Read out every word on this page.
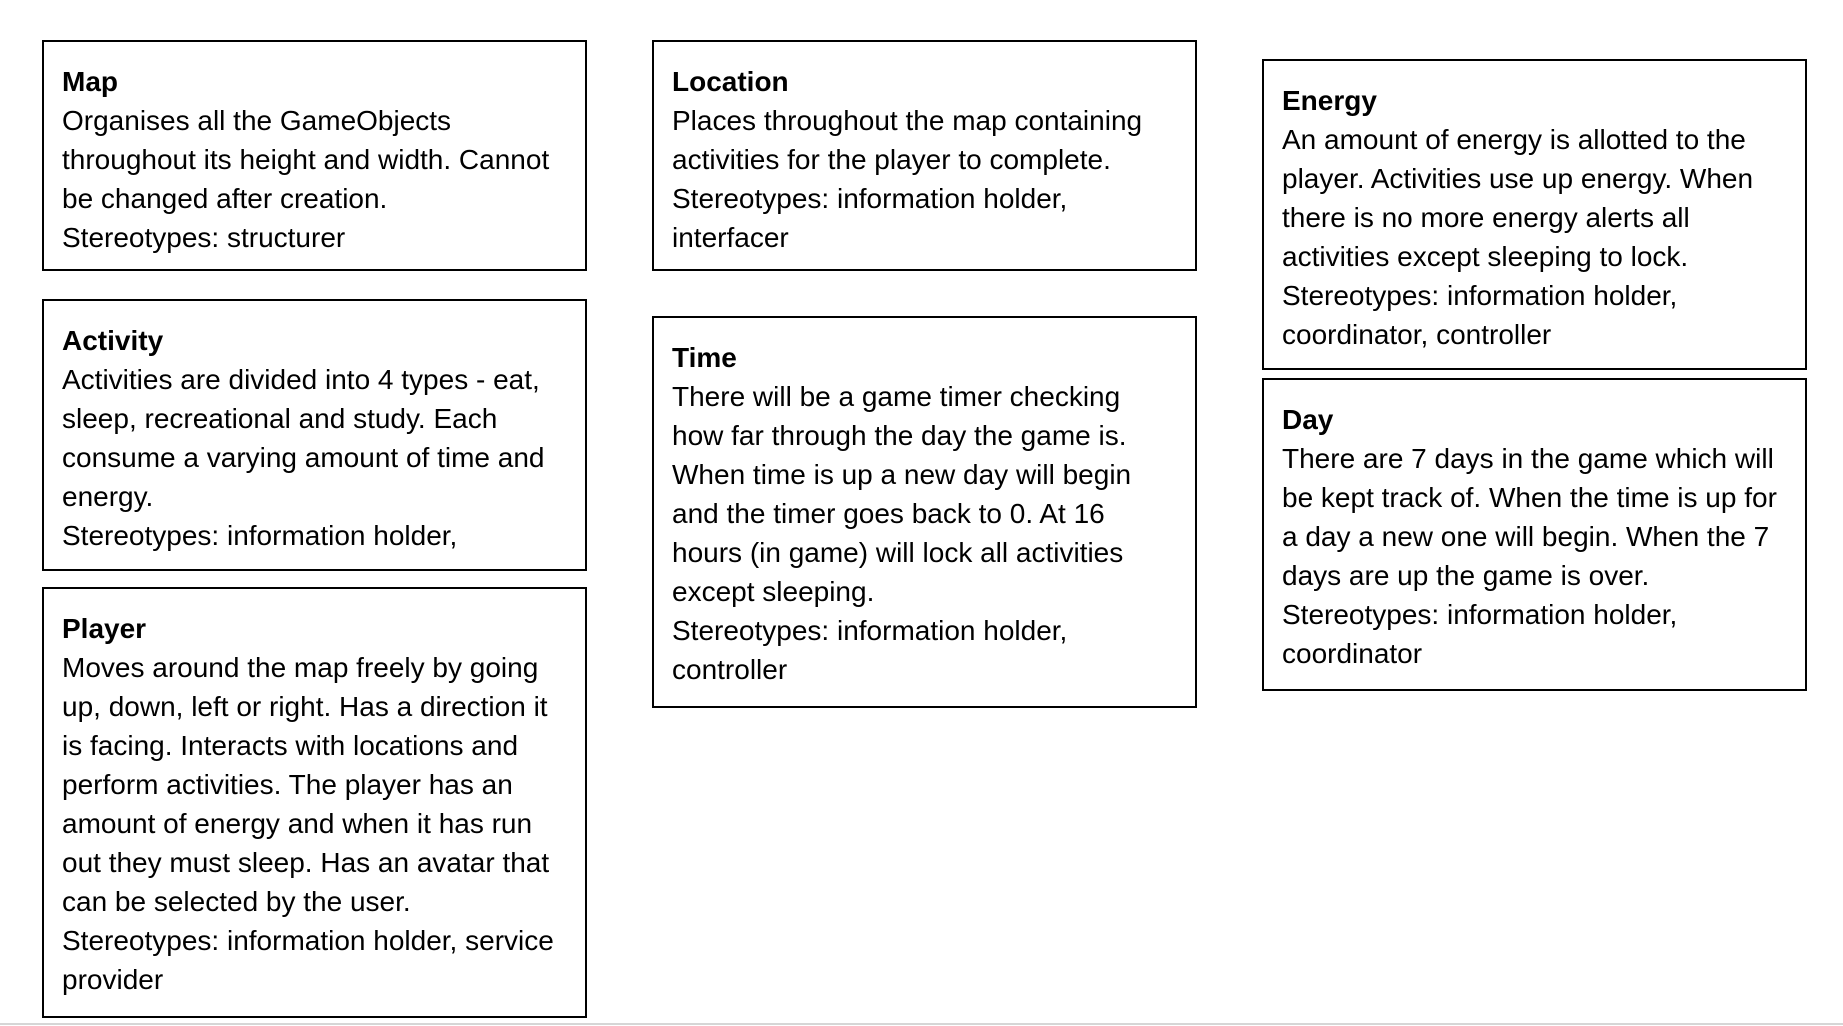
Map
Organises all the GameObjects throughout its height and width. Cannot be changed after creation.
Stereotypes: structurer
Location
Places throughout the map containing activities for the player to complete.
Stereotypes: information holder, interfacer
Energy
An amount of energy is allotted to the player. Activities use up energy. When there is no more energy alerts all activities except sleeping to lock.
Stereotypes: information holder, coordinator, controller
Activity
Activities are divided into 4 types - eat, sleep, recreational and study. Each consume a varying amount of time and energy.
Stereotypes: information holder,
Time
There will be a game timer checking how far through the day the game is. When time is up a new day will begin and the timer goes back to 0. At 16 hours (in game) will lock all activities except sleeping.
Stereotypes: information holder, controller
Day
There are 7 days in the game which will be kept track of. When the time is up for a day a new one will begin. When the 7 days are up the game is over.
Stereotypes: information holder, coordinator
Player
Moves around the map freely by going up, down, left or right. Has a direction it is facing. Interacts with locations and perform activities. The player has an amount of energy and when it has run out they must sleep. Has an avatar that can be selected by the user.
Stereotypes: information holder, service provider
